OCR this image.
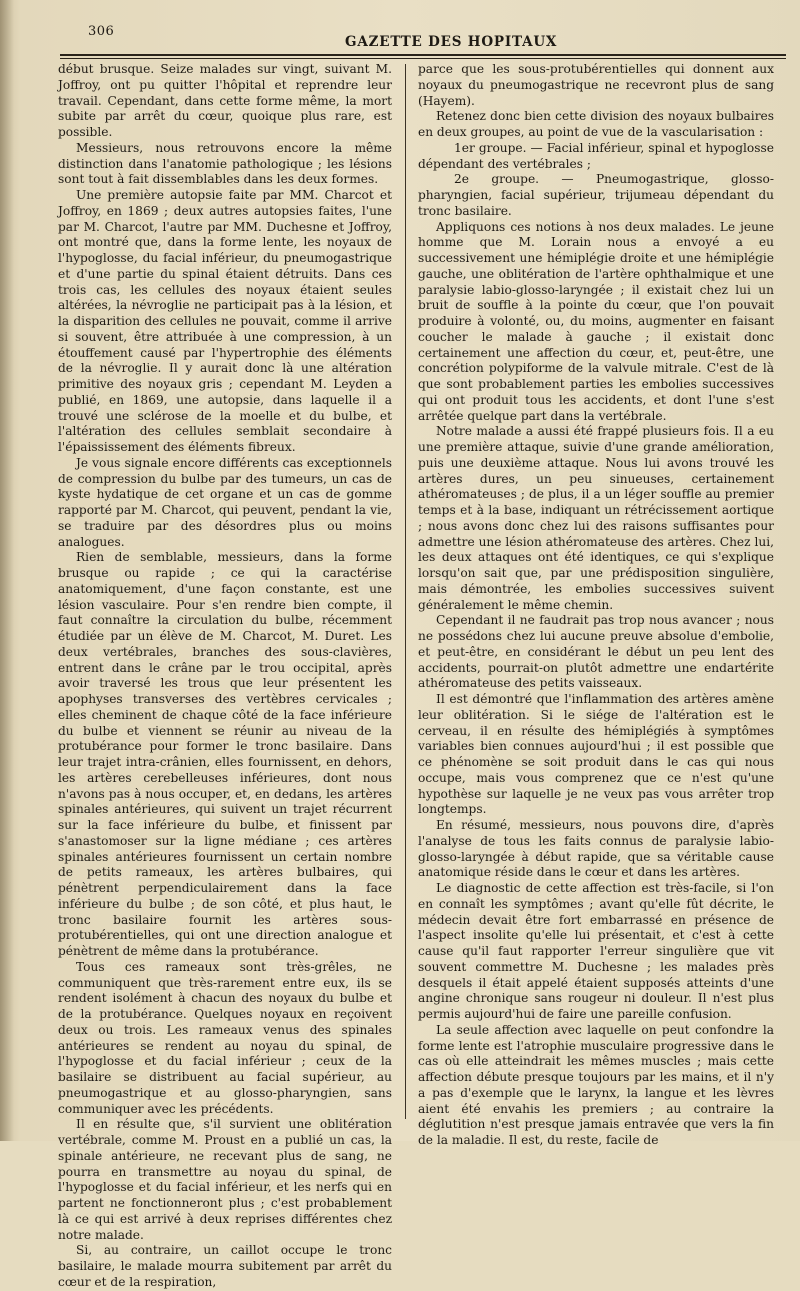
306
GAZETTE DES HOPITAUX

début brusque. Seize malades sur vingt, suivant M. Joffroy, ont pu quitter l'hôpital et reprendre leur travail. Cependant, dans cette forme même, la mort subite par arrêt du cœur, quoique plus rare, est possible.

Messieurs, nous retrouvons encore la même distinction dans l'anatomie pathologique ; les lésions sont tout à fait dissemblables dans les deux formes.

Une première autopsie faite par MM. Charcot et Joffroy, en 1869 ; deux autres autopsies faites, l'une par M. Charcot, l'autre par MM. Duchesne et Joffroy, ont montré que, dans la forme lente, les noyaux de l'hypoglosse, du facial inférieur, du pneumogastrique et d'une partie du spinal étaient détruits. Dans ces trois cas, les cellules des noyaux étaient seules altérées, la névroglie ne participait pas à la lésion, et la disparition des cellules ne pouvait, comme il arrive si souvent, être attribuée à une compression, à un étouffement causé par l'hypertrophie des éléments de la névroglie. Il y aurait donc là une altération primitive des noyaux gris ; cependant M. Leyden a publié, en 1869, une autopsie, dans laquelle il a trouvé une sclérose de la moelle et du bulbe, et l'altération des cellules semblait secondaire à l'épaississement des éléments fibreux.

Je vous signale encore différents cas exceptionnels de compression du bulbe par des tumeurs, un cas de kyste hydatique de cet organe et un cas de gomme rapporté par M. Charcot, qui peuvent, pendant la vie, se traduire par des désordres plus ou moins analogues.

Rien de semblable, messieurs, dans la forme brusque ou rapide ; ce qui la caractérise anatomiquement, d'une façon constante, est une lésion vasculaire. Pour s'en rendre bien compte, il faut connaître la circulation du bulbe, récemment étudiée par un élève de M. Charcot, M. Duret. Les deux vertébrales, branches des sous-clavières, entrent dans le crâne par le trou occipital, après avoir traversé les trous que leur présentent les apophyses transverses des vertèbres cervicales ; elles cheminent de chaque côté de la face inférieure du bulbe et viennent se réunir au niveau de la protubérance pour former le tronc basilaire. Dans leur trajet intra-crânien, elles fournissent, en dehors, les artères cerebelleuses inférieures, dont nous n'avons pas à nous occuper, et, en dedans, les artères spinales antérieures, qui suivent un trajet récurrent sur la face inférieure du bulbe, et finissent par s'anastomoser sur la ligne médiane ; ces artères spinales antérieures fournissent un certain nombre de petits rameaux, les artères bulbaires, qui pénètrent perpendiculairement dans la face inférieure du bulbe ; de son côté, et plus haut, le tronc basilaire fournit les artères sous-protubérentielles, qui ont une direction analogue et pénètrent de même dans la protubérance.

Tous ces rameaux sont très-grêles, ne communiquent que très-rarement entre eux, ils se rendent isolément à chacun des noyaux du bulbe et de la protubérance. Quelques noyaux en reçoivent deux ou trois. Les rameaux venus des spinales antérieures se rendent au noyau du spinal, de l'hypoglosse et du facial inférieur ; ceux de la basilaire se distribuent au facial supérieur, au pneumogastrique et au glosso-pharyngien, sans communiquer avec les précédents.

Il en résulte que, s'il survient une oblitération vertébrale, comme M. Proust en a publié un cas, la spinale antérieure, ne recevant plus de sang, ne pourra en transmettre au noyau du spinal, de l'hypoglosse et du facial inférieur, et les nerfs qui en partent ne fonctionneront plus ; c'est probablement là ce qui est arrivé à deux reprises différentes chez notre malade.

Si, au contraire, un caillot occupe le tronc basilaire, le malade mourra subitement par arrêt du cœur et de la respiration,

parce que les sous-protubérentielles qui donnent aux noyaux du pneumogastrique ne recevront plus de sang (Hayem).

Retenez donc bien cette division des noyaux bulbaires en deux groupes, au point de vue de la vascularisation :

1er groupe. — Facial inférieur, spinal et hypoglosse dépendant des vertébrales ;

2e groupe. — Pneumogastrique, glosso-pharyngien, facial supérieur, trijumeau dépendant du tronc basilaire.

Appliquons ces notions à nos deux malades. Le jeune homme que M. Lorain nous a envoyé a eu successivement une hémiplégie droite et une hémiplégie gauche, une oblitération de l'artère ophthalmique et une paralysie labio-glosso-laryngée ; il existait chez lui un bruit de souffle à la pointe du cœur, que l'on pouvait produire à volonté, ou, du moins, augmenter en faisant coucher le malade à gauche ; il existait donc certainement une affection du cœur, et, peut-être, une concrétion polypiforme de la valvule mitrale. C'est de là que sont probablement parties les embolies successives qui ont produit tous les accidents, et dont l'une s'est arrêtée quelque part dans la vertébrale.

Notre malade a aussi été frappé plusieurs fois. Il a eu une première attaque, suivie d'une grande amélioration, puis une deuxième attaque. Nous lui avons trouvé les artères dures, un peu sinueuses, certainement athéromateuses ; de plus, il a un léger souffle au premier temps et à la base, indiquant un rétrécissement aortique ; nous avons donc chez lui des raisons suffisantes pour admettre une lésion athéromateuse des artères. Chez lui, les deux attaques ont été identiques, ce qui s'explique lorsqu'on sait que, par une prédisposition singulière, mais démontrée, les embolies successives suivent généralement le même chemin.

Cependant il ne faudrait pas trop nous avancer ; nous ne possédons chez lui aucune preuve absolue d'embolie, et peut-être, en considérant le début un peu lent des accidents, pourrait-on plutôt admettre une endartérite athéromateuse des petits vaisseaux.

Il est démontré que l'inflammation des artères amène leur oblitération. Si le siége de l'altération est le cerveau, il en résulte des hémiplégiés à symptômes variables bien connues aujourd'hui ; il est possible que ce phénomène se soit produit dans le cas qui nous occupe, mais vous comprenez que ce n'est qu'une hypothèse sur laquelle je ne veux pas vous arrêter trop longtemps.

En résumé, messieurs, nous pouvons dire, d'après l'analyse de tous les faits connus de paralysie labio-glosso-laryngée à début rapide, que sa véritable cause anatomique réside dans le cœur et dans les artères.

Le diagnostic de cette affection est très-facile, si l'on en connaît les symptômes ; avant qu'elle fût décrite, le médecin devait être fort embarrassé en présence de l'aspect insolite qu'elle lui présentait, et c'est à cette cause qu'il faut rapporter l'erreur singulière que vit souvent commettre M. Duchesne ; les malades près desquels il était appelé étaient supposés atteints d'une angine chronique sans rougeur ni douleur. Il n'est plus permis aujourd'hui de faire une pareille confusion.

La seule affection avec laquelle on peut confondre la forme lente est l'atrophie musculaire progressive dans le cas où elle atteindrait les mêmes muscles ; mais cette affection débute presque toujours par les mains, et il n'y a pas d'exemple que le larynx, la langue et les lèvres aient été envahis les premiers ; au contraire la déglutition n'est presque jamais entravée que vers la fin de la maladie. Il est, du reste, facile de
